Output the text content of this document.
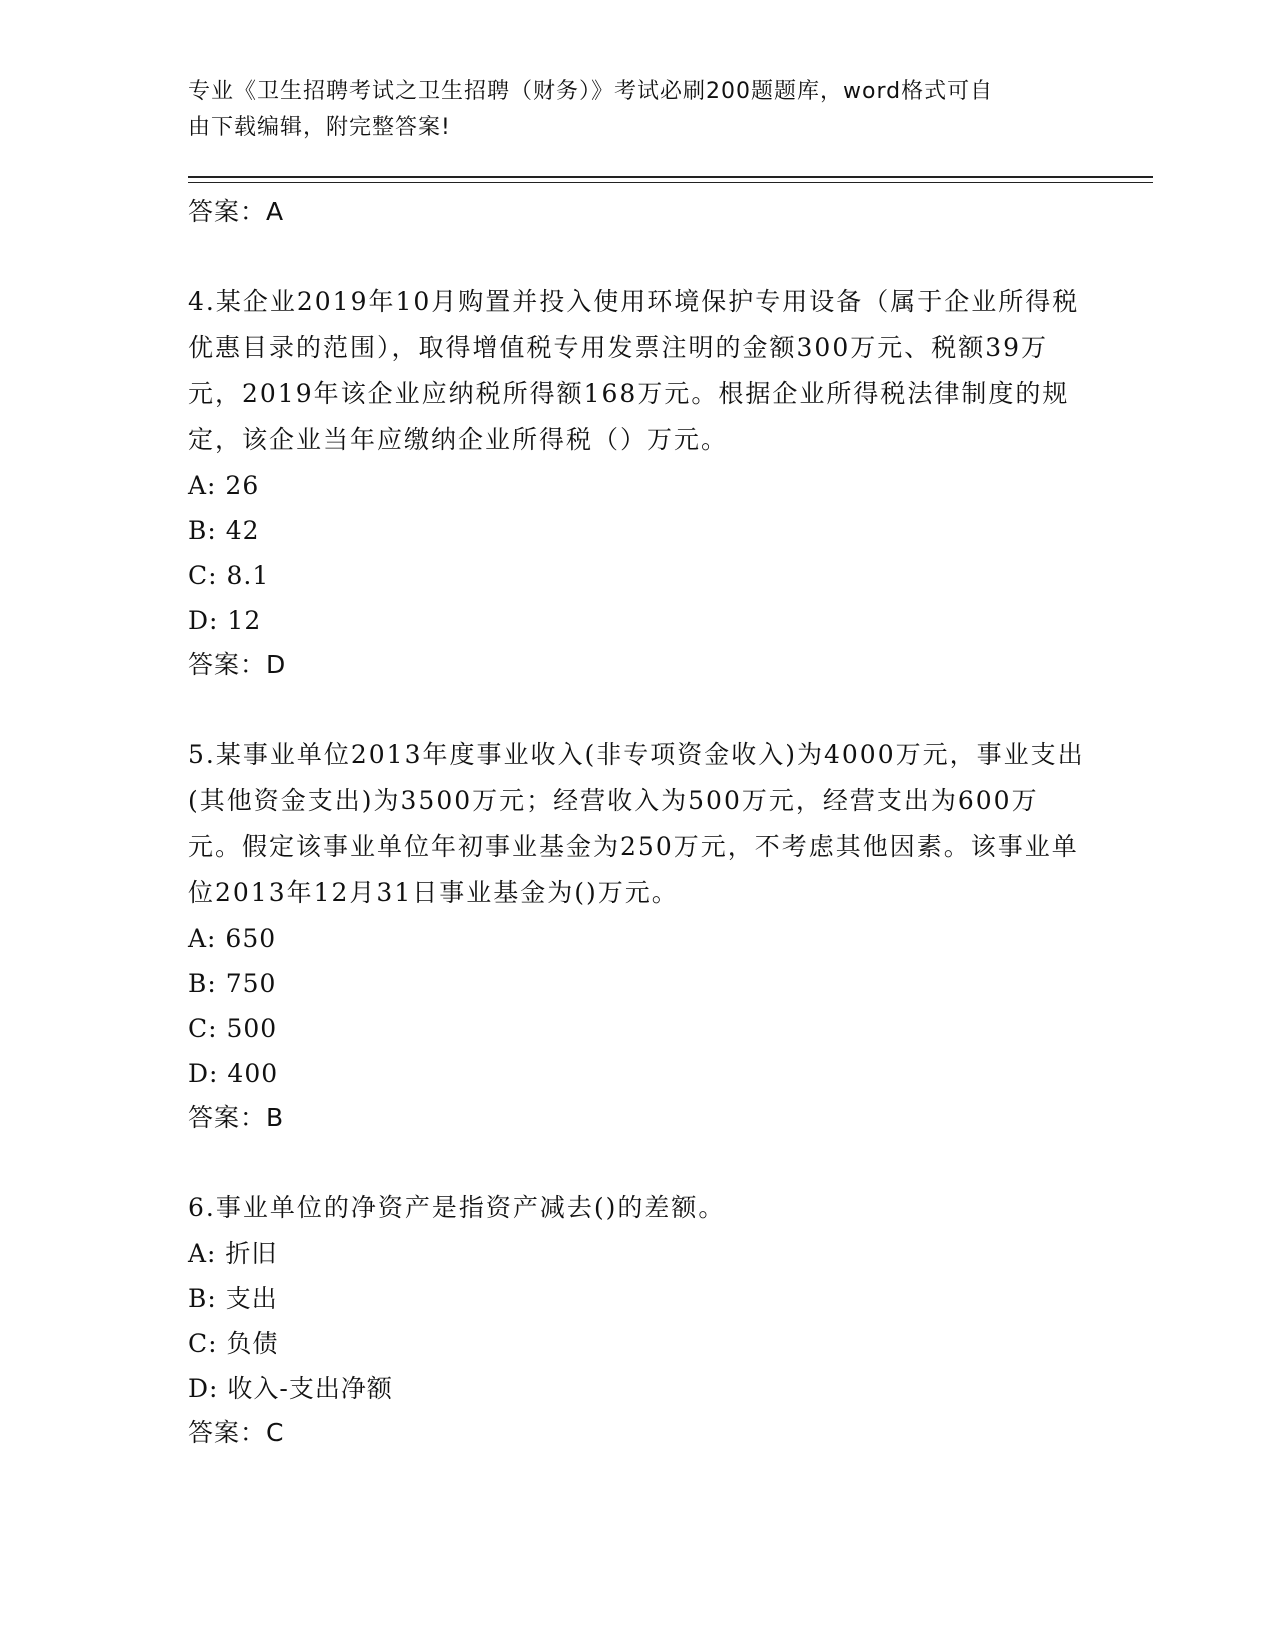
专业《卫生招聘考试之卫生招聘（财务）》考试必刷200题题库，word格式可自
由下载编辑，附完整答案!
答案：A
4.某企业2019年10月购置并投入使用环境保护专用设备（属于企业所得税优惠目录的范围），取得增值税专用发票注明的金额300万元、税额39万元，2019年该企业应纳税所得额168万元。根据企业所得税法律制度的规定，该企业当年应缴纳企业所得税（）万元。
A: 26
B: 42
C: 8.1
D: 12
答案：D
5.某事业单位2013年度事业收入(非专项资金收入)为4000万元，事业支出(其他资金支出)为3500万元；经营收入为500万元，经营支出为600万元。假定该事业单位年初事业基金为250万元，不考虑其他因素。该事业单位2013年12月31日事业基金为()万元。
A: 650
B: 750
C: 500
D: 400
答案：B
6.事业单位的净资产是指资产减去()的差额。
A: 折旧
B: 支出
C: 负债
D: 收入-支出净额
答案：C
